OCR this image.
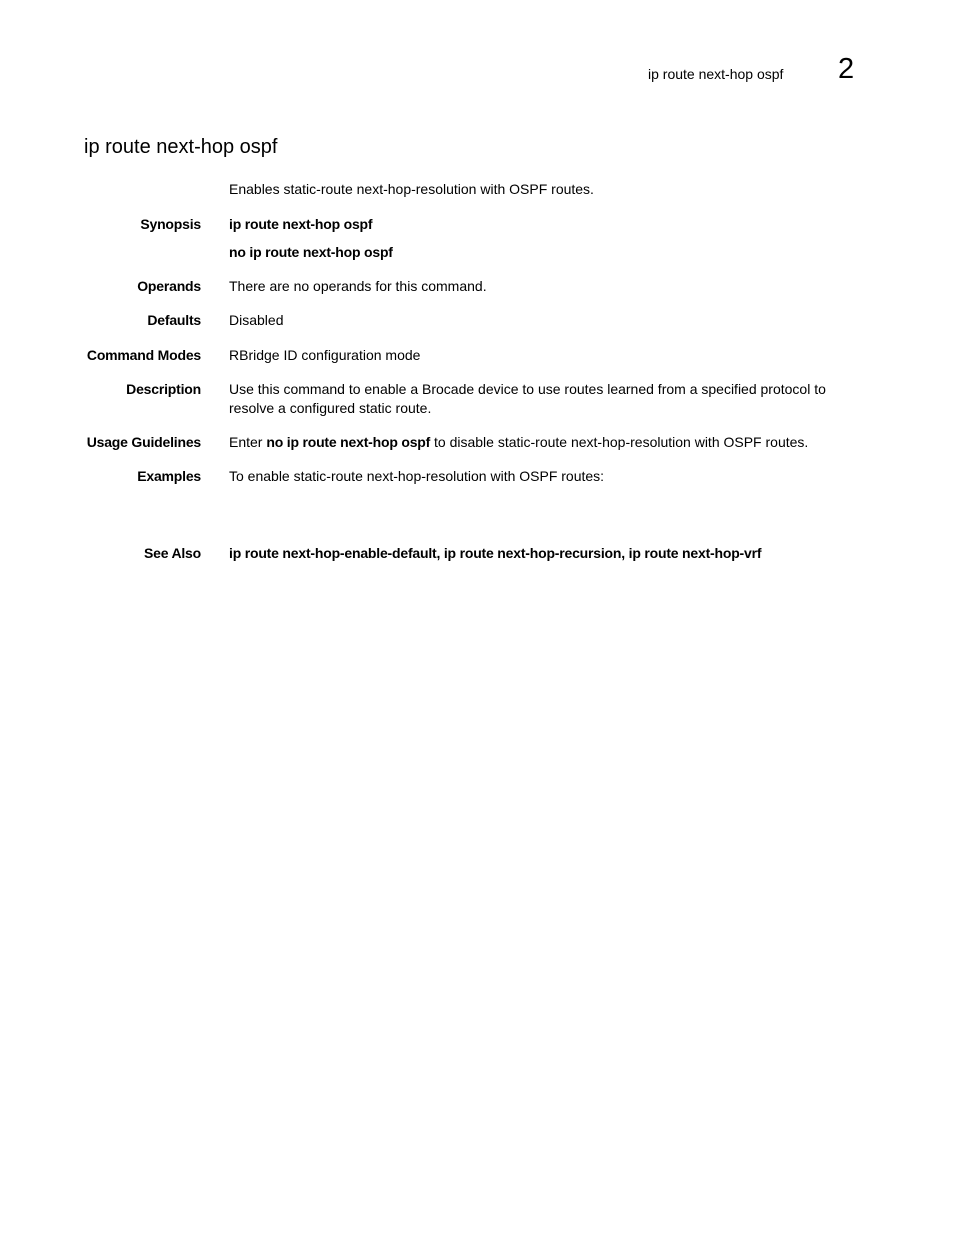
ip route next-hop ospf 2
ip route next-hop ospf
Enables static-route next-hop-resolution with OSPF routes.
Synopsis ip route next-hop ospf
no ip route next-hop ospf
Operands There are no operands for this command.
Defaults Disabled
Command Modes RBridge ID configuration mode
Description Use this command to enable a Brocade device to use routes learned from a specified protocol to resolve a configured static route.
Usage Guidelines Enter no ip route next-hop ospf to disable static-route next-hop-resolution with OSPF routes.
Examples To enable static-route next-hop-resolution with OSPF routes:
See Also ip route next-hop-enable-default, ip route next-hop-recursion, ip route next-hop-vrf
